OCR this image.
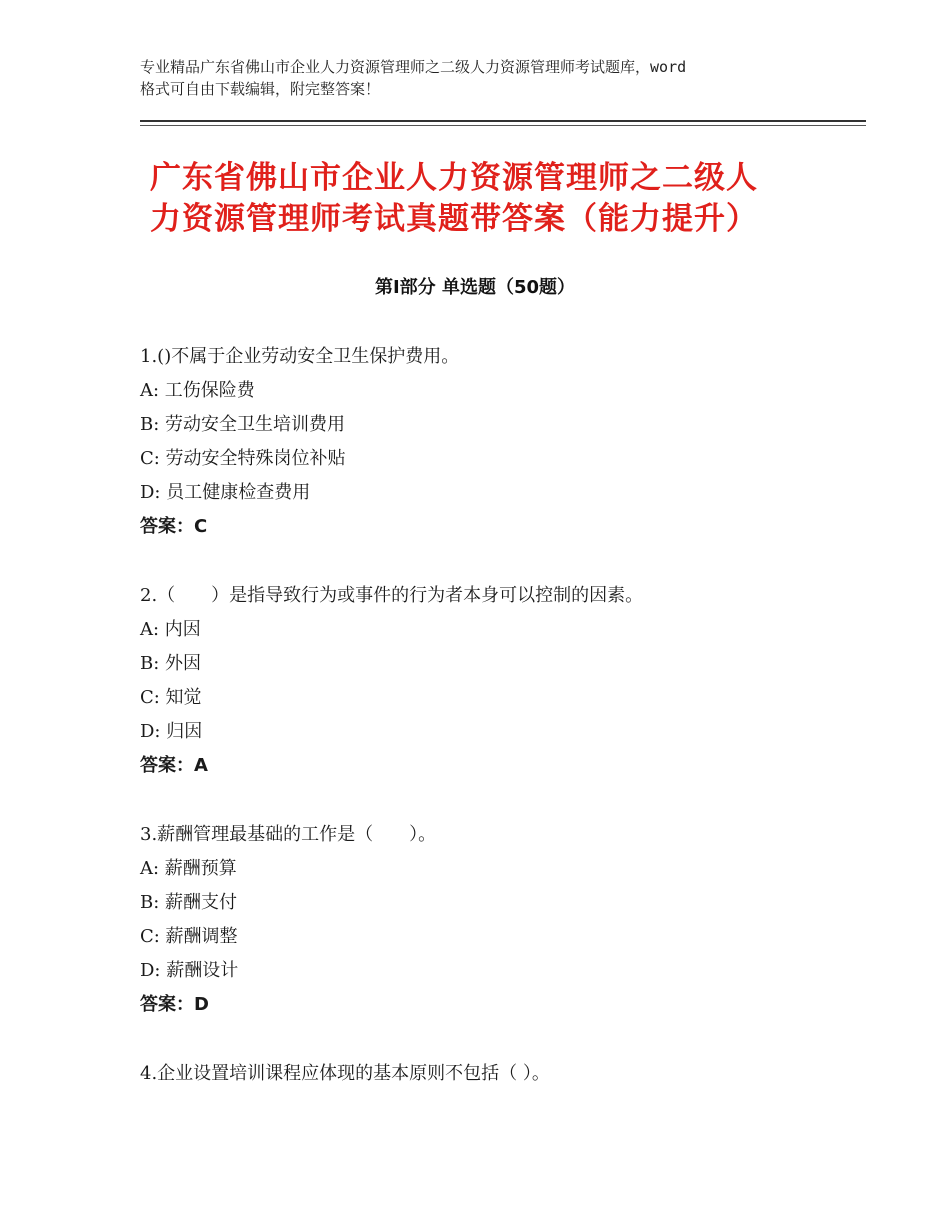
专业精品广东省佛山市企业人力资源管理师之二级人力资源管理师考试题库，word
格式可自由下载编辑，附完整答案！
广东省佛山市企业人力资源管理师之二级人
力资源管理师考试真题带答案（能力提升）
第Ⅰ部分 单选题（50题）
1.()不属于企业劳动安全卫生保护费用。
A: 工伤保险费
B: 劳动安全卫生培训费用
C: 劳动安全特殊岗位补贴
D: 员工健康检查费用
答案：C
2.（　　）是指导致行为或事件的行为者本身可以控制的因素。
A: 内因
B: 外因
C: 知觉
D: 归因
答案：A
3.薪酬管理最基础的工作是（　　）。
A: 薪酬预算
B: 薪酬支付
C: 薪酬调整
D: 薪酬设计
答案：D
4.企业设置培训课程应体现的基本原则不包括（ ）。
